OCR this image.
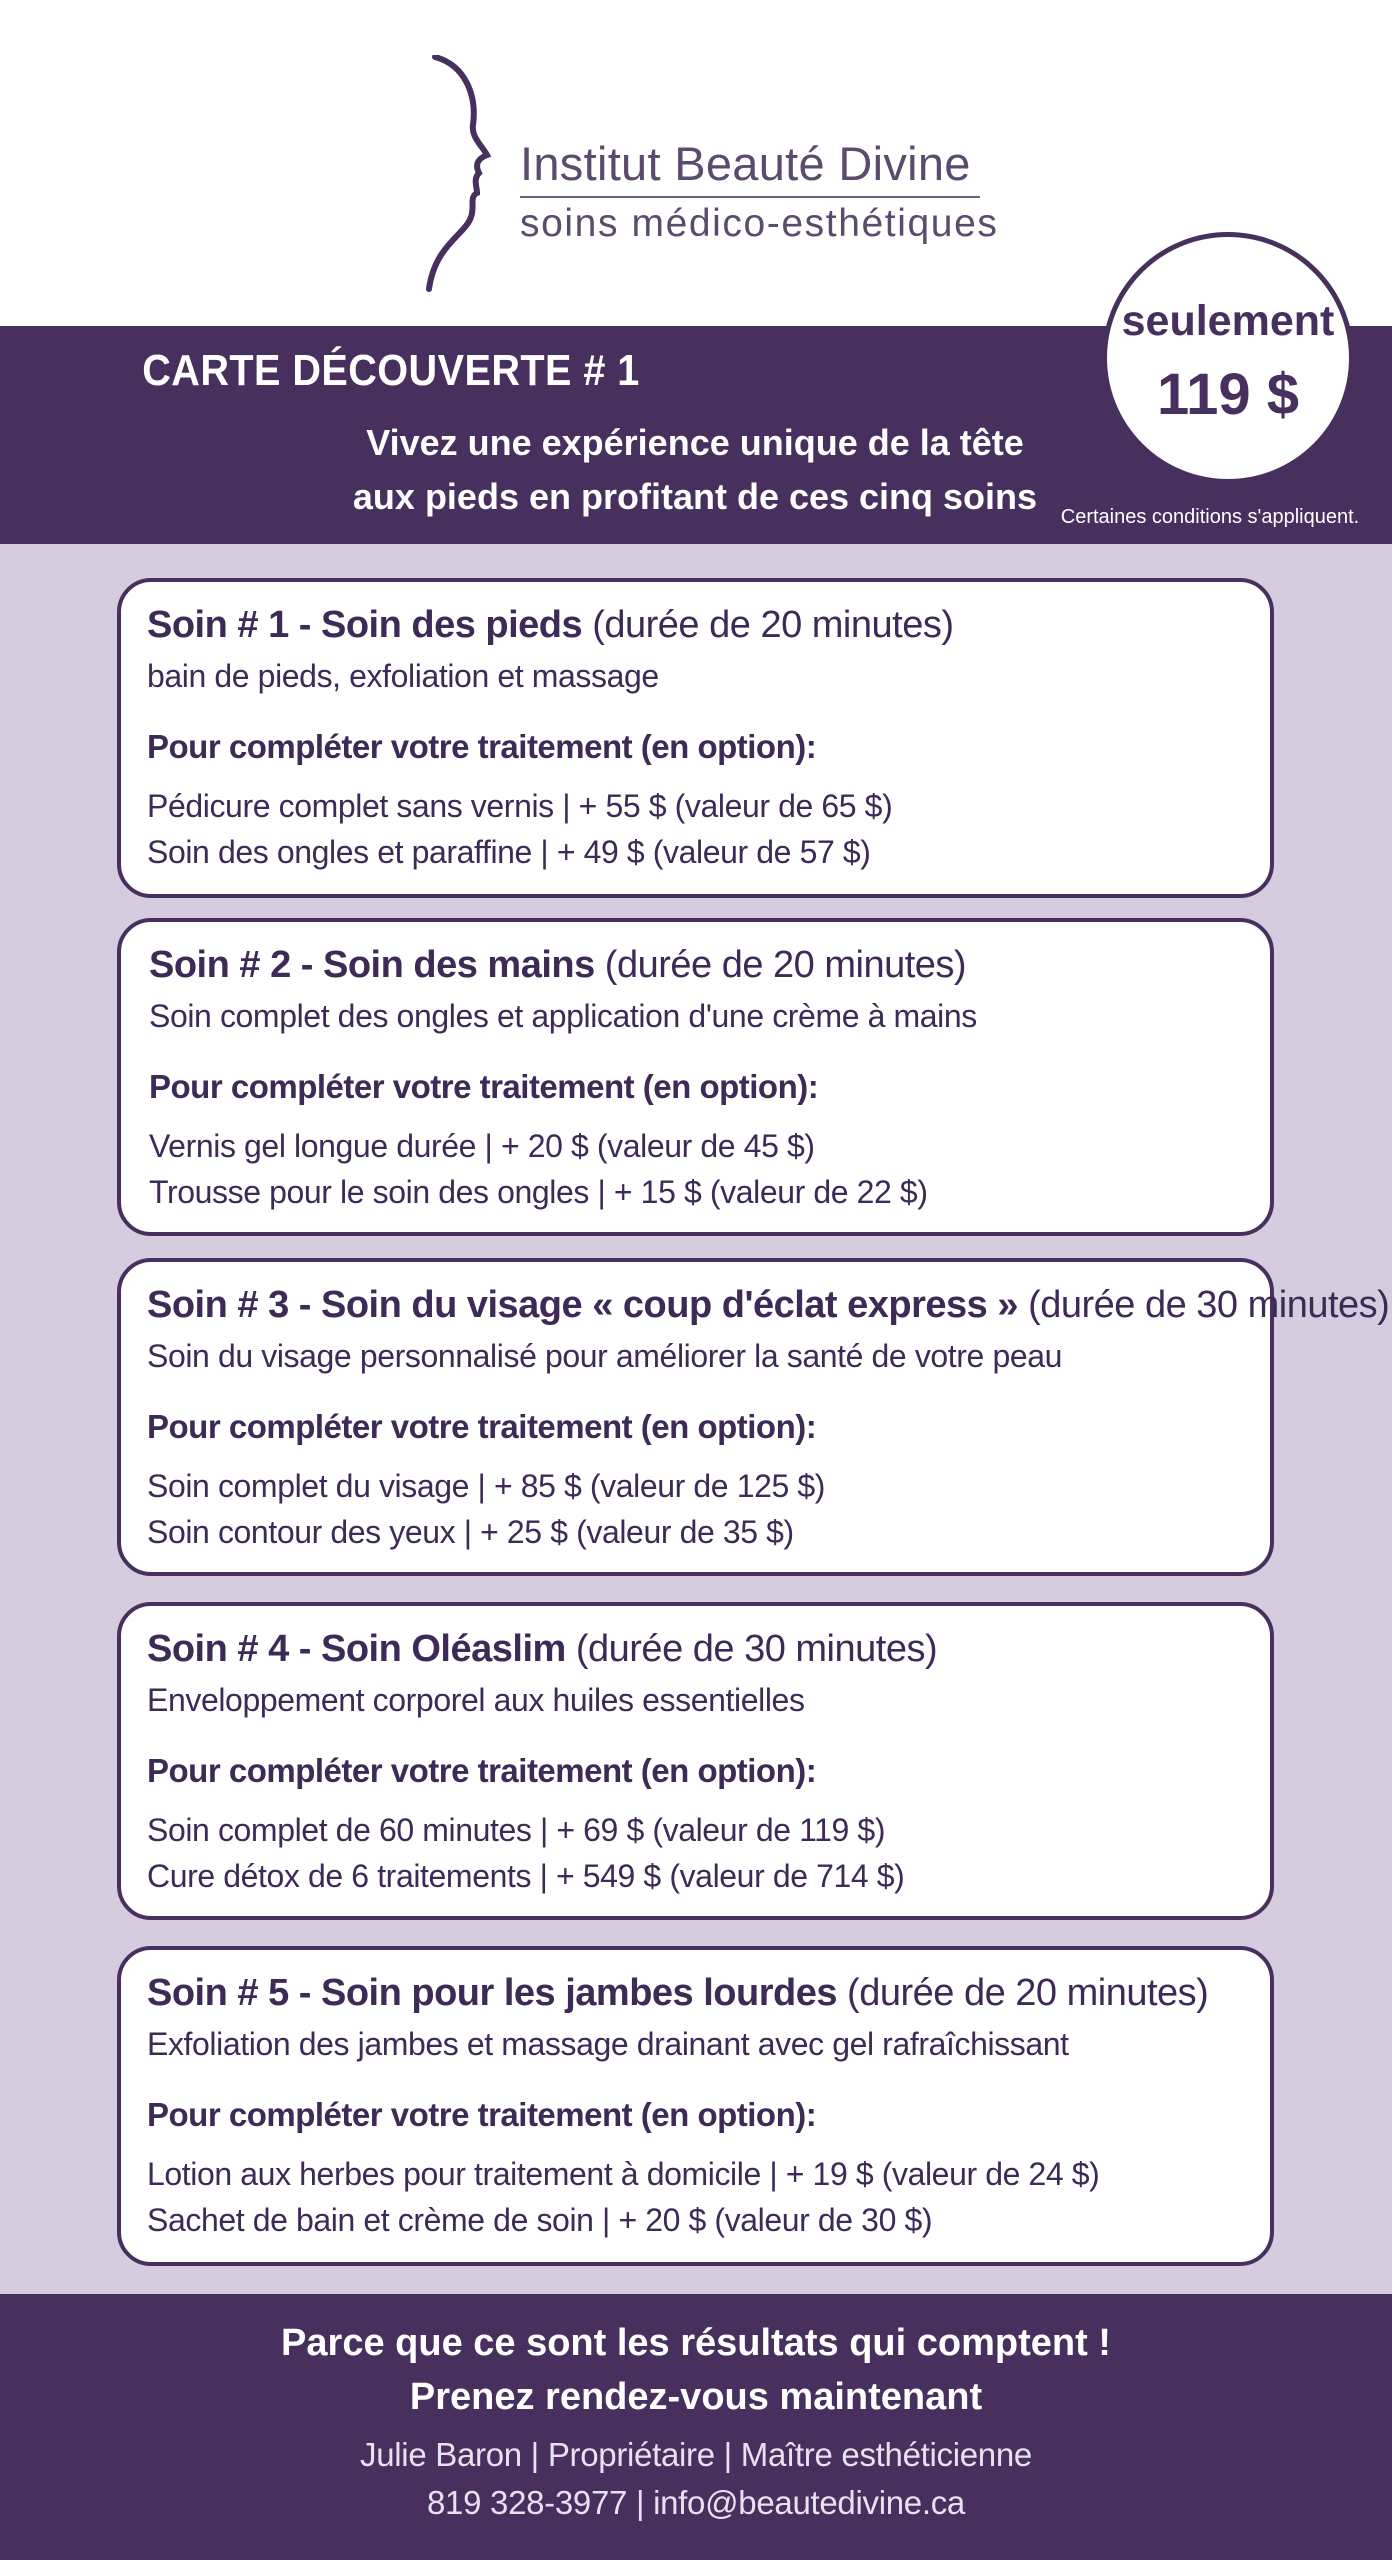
Institut Beauté Divine
soins médico-esthétiques
CARTE DÉCOUVERTE # 1
Vivez une expérience unique de la tête
aux pieds en profitant de ces cinq soins
seulement
119 $
Certaines conditions s'appliquent.
Soin # 1 - Soin des pieds (durée de 20 minutes)
bain de pieds, exfoliation et massage
Pour compléter votre traitement (en option):
Pédicure complet sans vernis | + 55 $ (valeur de 65 $)
Soin des ongles et paraffine | + 49 $ (valeur de 57 $)
Soin # 2 - Soin des mains (durée de 20 minutes)
Soin complet des ongles et application d'une crème à mains
Pour compléter votre traitement (en option):
Vernis gel longue durée | + 20 $ (valeur de 45 $)
Trousse pour le soin des ongles | + 15 $ (valeur de 22 $)
Soin # 3 - Soin du visage « coup d'éclat express » (durée de 30 minutes)
Soin du visage personnalisé pour améliorer la santé de votre peau
Pour compléter votre traitement (en option):
Soin complet du visage | + 85 $ (valeur de 125 $)
Soin contour des yeux | + 25 $ (valeur de 35 $)
Soin # 4 - Soin Oléaslim (durée de 30 minutes)
Enveloppement corporel aux huiles essentielles
Pour compléter votre traitement (en option):
Soin complet de 60 minutes | + 69 $ (valeur de 119 $)
Cure détox de 6 traitements | + 549 $ (valeur de 714 $)
Soin # 5 - Soin pour les jambes lourdes (durée de 20 minutes)
Exfoliation des jambes et massage drainant avec gel rafraîchissant
Pour compléter votre traitement (en option):
Lotion aux herbes pour traitement à domicile | + 19 $ (valeur de 24 $)
Sachet de bain et crème de soin | + 20 $ (valeur de 30 $)
Parce que ce sont les résultats qui comptent !
Prenez rendez-vous maintenant
Julie Baron | Propriétaire | Maître esthéticienne
819 328-3977 | info@beautedivine.ca
